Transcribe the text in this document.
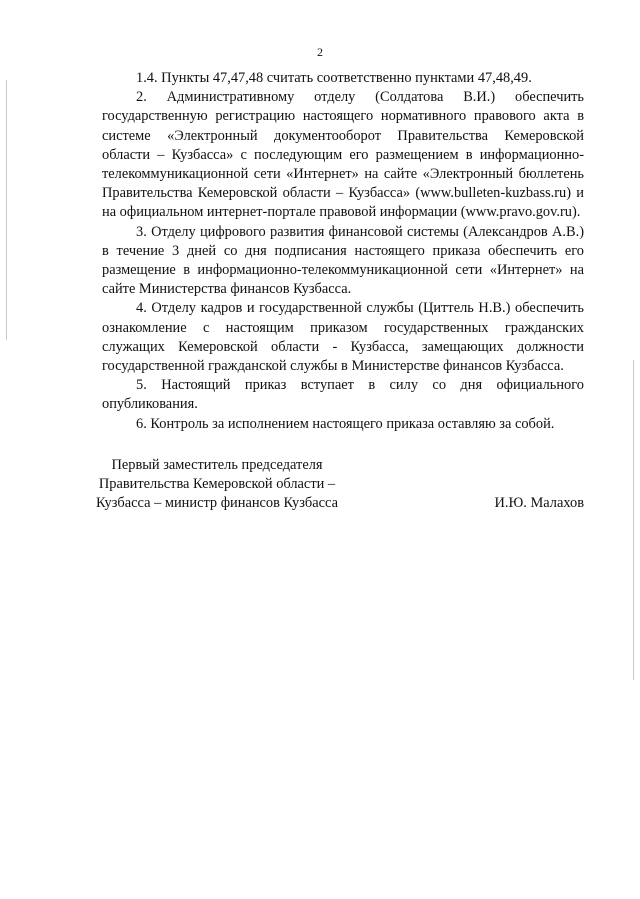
2

1.4. Пункты 47,47,48 считать соответственно пунктами 47,48,49.

2. Административному отделу (Солдатова В.И.) обеспечить государственную регистрацию настоящего нормативного правового акта в системе «Электронный документооборот Правительства Кемеровской области – Кузбасса» с последующим его размещением в информационно-телекоммуникационной сети «Интернет» на сайте «Электронный бюллетень Правительства Кемеровской области – Кузбасса» (www.bulleten-kuzbass.ru) и на официальном интернет-портале правовой информации (www.pravo.gov.ru).

3. Отделу цифрового развития финансовой системы (Александров А.В.) в течение 3 дней со дня подписания настоящего приказа обеспечить его размещение в информационно-телекоммуникационной сети «Интернет» на сайте Министерства финансов Кузбасса.

4. Отделу кадров и государственной службы (Циттель Н.В.) обеспечить ознакомление с настоящим приказом государственных гражданских служащих Кемеровской области - Кузбасса, замещающих должности государственной гражданской службы в Министерстве финансов Кузбасса.

5. Настоящий приказ вступает в силу со дня официального опубликования.

6. Контроль за исполнением настоящего приказа оставляю за собой.

Первый заместитель председателя
Правительства Кемеровской области –
Кузбасса – министр финансов Кузбасса	И.Ю. Малахов
